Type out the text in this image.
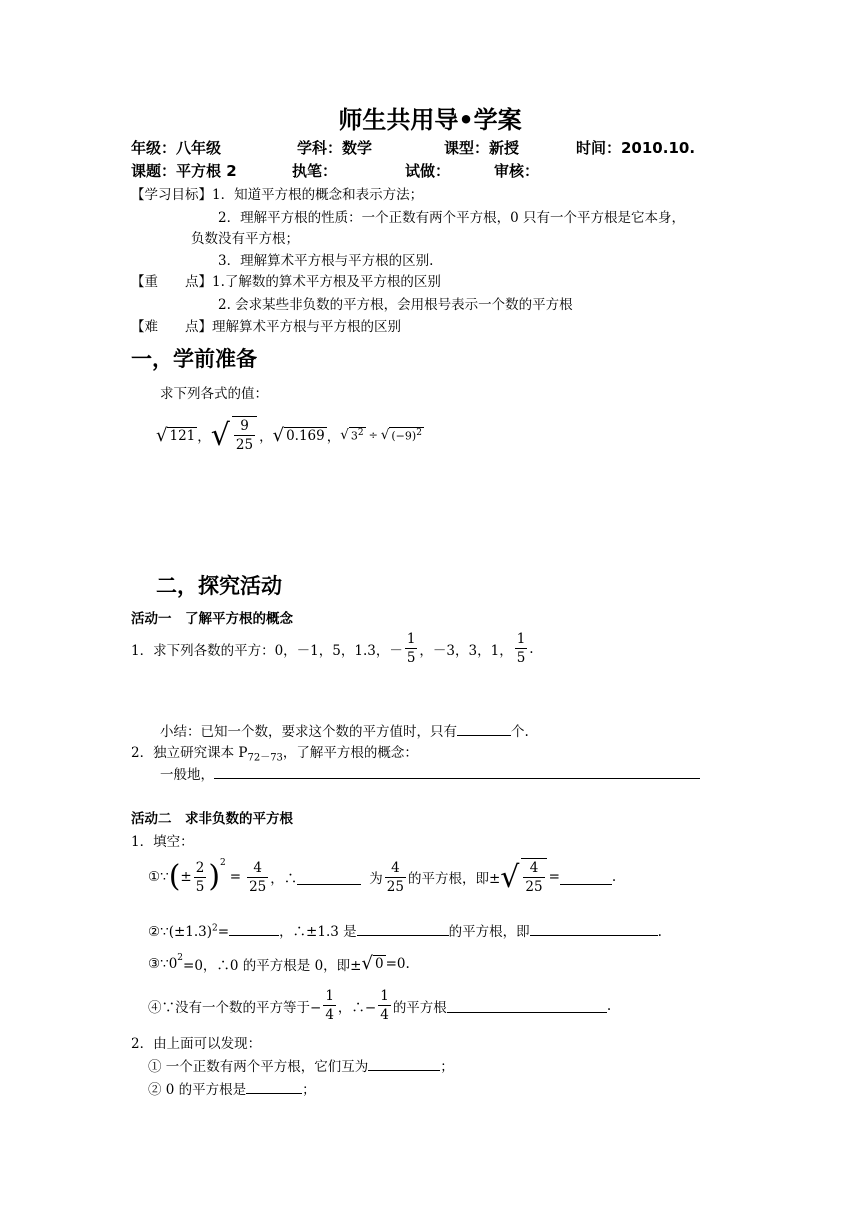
师生共用导•学案
年级：八年级	学科：数学	课型：新授	时间：2010.10.
课题：平方根 2	执笔：	试做：	审核：
【学习目标】1．知道平方根的概念和表示方法；
2．理解平方根的性质：一个正数有两个平方根，0 只有一个平方根是它本身，
负数没有平方根；
3．理解算术平方根与平方根的区别.
【重　　点】1.了解数的算术平方根及平方根的区别
2. 会求某些非负数的平方根，会用根号表示一个数的平方根
【难　　点】理解算术平方根与平方根的区别
一，学前准备
求下列各式的值：
√ 121 ， √ $\frac{9}{25}$ ， √ 0.169 ， √ $3^2$ ÷ √ $(-9)^2$
二，探究活动
活动一　了解平方根的概念
1．求下列各数的平方：0，－1，5，1.3，－ $\frac{1}{5}$ ，－3，3，1， $\frac{1}{5}$ .
小结：已知一个数，要求这个数的平方值时，只有	个.
2．独立研究课本 $P_{72-73}$，了解平方根的概念：
一般地，
活动二　求非负数的平方根
1．填空：
①∵ ( ± $\frac{2}{5} )^2$
= $\frac{4}{25}$ ，∴	为 $\frac{4}{25}$ 的平方根，即± √ $\frac{4}{25}$ =	.
$②\because(\pm 1.3)^2=$	，∴±1.3 是	的平方根，即	.
$③\because 0^2 =0$，∴0 的平方根是 0，即± √ 0 =0.
④∵没有一个数的平方等于− $\frac{1}{4}$ ，∴− $\frac{1}{4}$ 的平方根	.
2．由上面可以发现：
① 一个正数有两个平方根，它们互为	；
② 0 的平方根是	；
